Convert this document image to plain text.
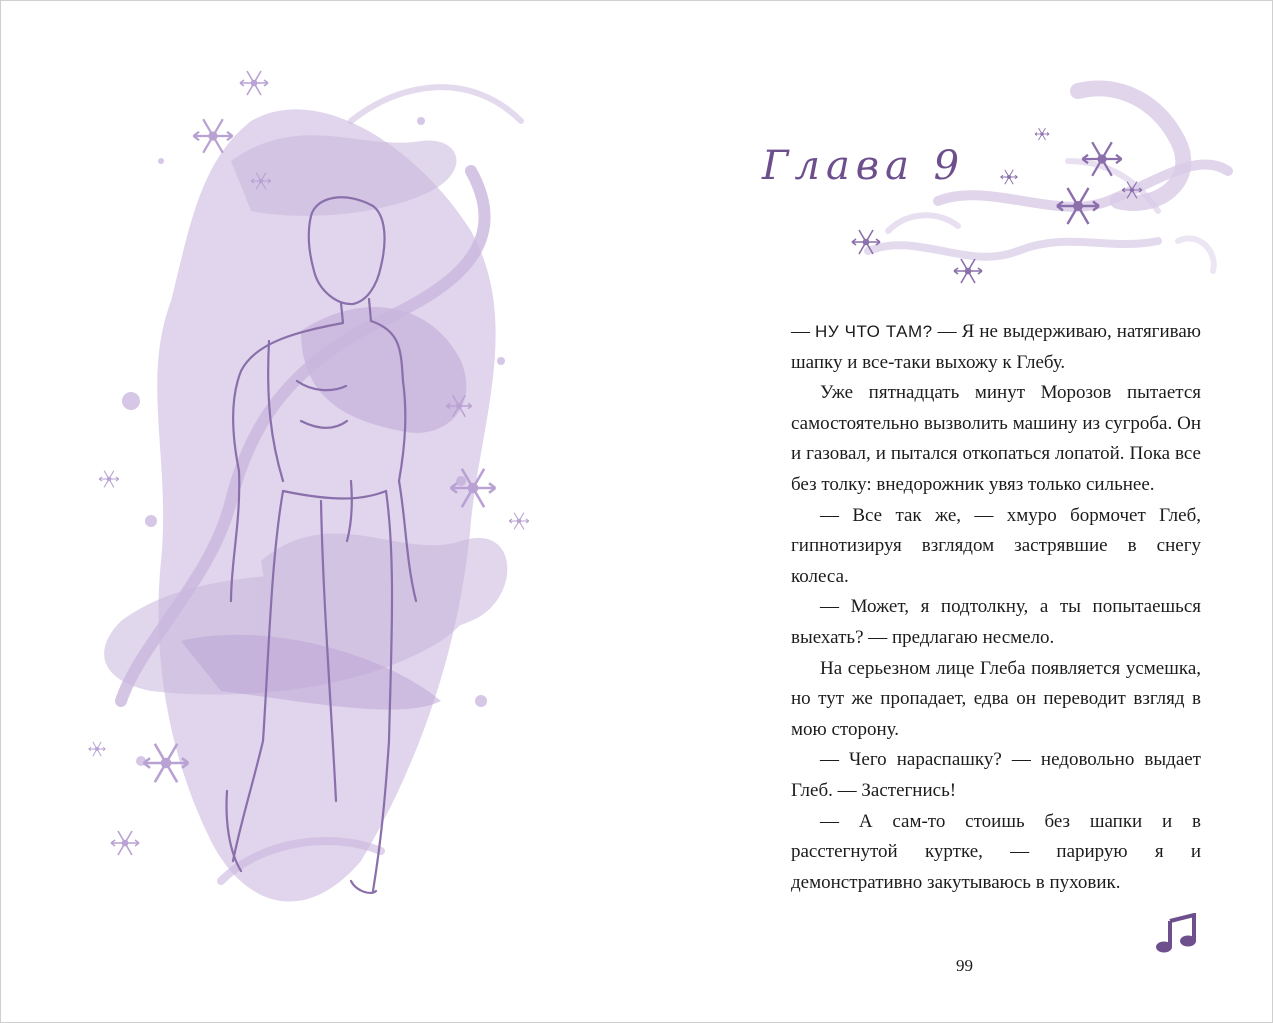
Глава 9

— НУ ЧТО ТАМ? — Я не выдерживаю, натягиваю шапку и все-таки выхожу к Глебу.

Уже пятнадцать минут Морозов пытается самостоятельно вызволить машину из сугроба. Он и газовал, и пытался откопаться лопатой. Пока все без толку: внедорожник увяз только сильнее.

— Все так же, — хмуро бормочет Глеб, гипнотизируя взглядом застрявшие в снегу колеса.

— Может, я подтолкну, а ты попытаешься выехать? — предлагаю несмело.

На серьезном лице Глеба появляется усмешка, но тут же пропадает, едва он переводит взгляд в мою сторону.

— Чего нараспашку? — недовольно выдает Глеб. — Застегнись!

— А сам-то стоишь без шапки и в расстегнутой куртке, — парирую я и демонстративно закутываюсь в пуховик.

99
